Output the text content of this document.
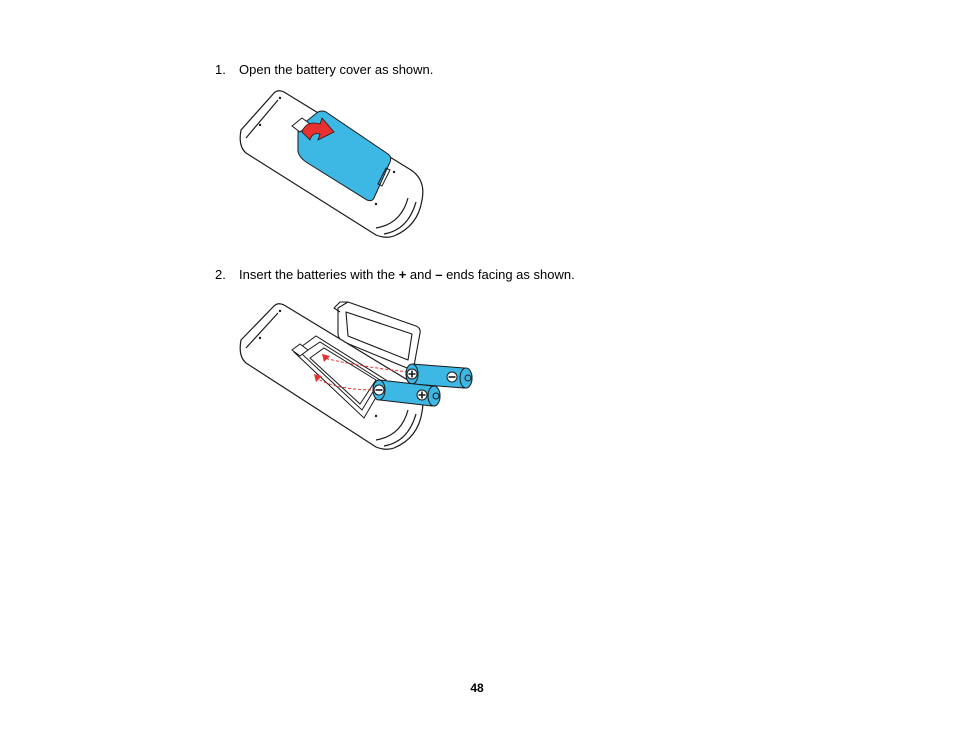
1. Open the battery cover as shown.
2. Insert the batteries with the + and – ends facing as shown.
48
